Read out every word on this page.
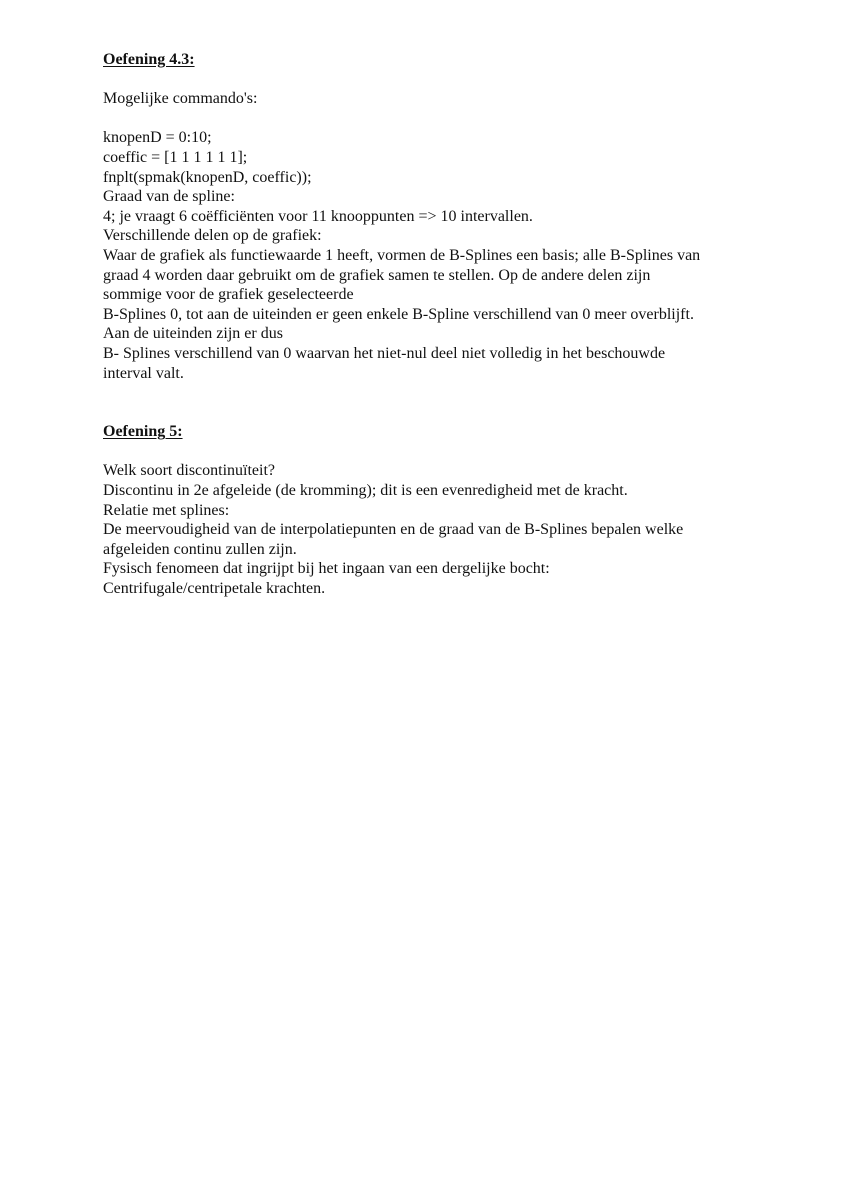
Oefening 4.3:
Mogelijke commando's:
knopenD = 0:10;
coeffic = [1 1 1 1 1 1];
fnplt(spmak(knopenD, coeffic));
Graad van de spline:
4; je vraagt 6 coëfficiënten voor 11 knooppunten => 10 intervallen.
Verschillende delen op de grafiek:
Waar de grafiek als functiewaarde 1 heeft, vormen de B-Splines een basis; alle B-Splines van
graad 4 worden daar gebruikt om de grafiek samen te stellen. Op de andere delen zijn
sommige voor de grafiek geselecteerde
B-Splines 0, tot aan de uiteinden er geen enkele B-Spline verschillend van 0 meer overblijft.
Aan de uiteinden zijn er dus
B- Splines verschillend van 0 waarvan het niet-nul deel niet volledig in het beschouwde
interval valt.
Oefening 5:
Welk soort discontinuïteit?
Discontinu in 2e afgeleide (de kromming); dit is een evenredigheid met de kracht.
Relatie met splines:
De meervoudigheid van de interpolatiepunten en de graad van de B-Splines bepalen welke
afgeleiden continu zullen zijn.
Fysisch fenomeen dat ingrijpt bij het ingaan van een dergelijke bocht:
Centrifugale/centripetale krachten.
